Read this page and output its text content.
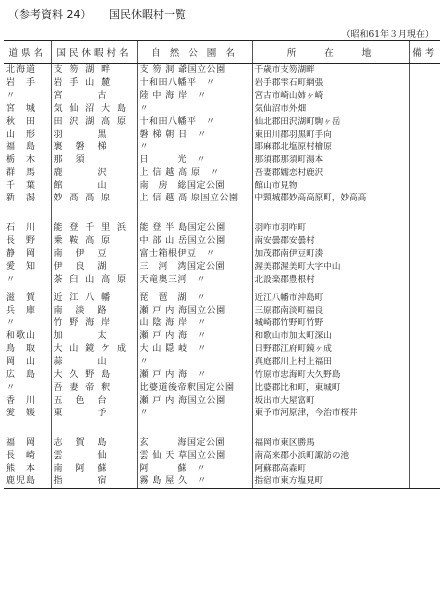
（参考資料 24） 国民休暇村一覧
（昭和61年３月現在）
道県名	国民休暇村名	自 然 公 園 名	所　　在　　地	備考
北海道	支 笏 湖 畔	支 笏 洞 爺国立公園	千歳市支笏湖畔	
岩　手	岩 手 山 麓	十和田八幡平　〃	岩手郡雫石町網張	
〃	宮　　　古	陸 中 海 岸　〃	宮古市崎山姉ヶ崎	
宮　城	気 仙 沼 大 島	〃	気仙沼市外畑	
秋　田	田 沢 湖 高 原	十和田八幡平　〃	仙北郡田沢湖町駒ヶ岳	
山　形	羽　　　黒	磐 梯 朝 日　〃	東田川郡羽黒町手向	
福　島	裏　磐　梯	〃	耶麻郡北塩原村檜原	
栃　木	那　須	日　　　光　〃	那須郡那須町湯本	
群　馬	鹿　　　沢	上 信 越 高 原　〃	吾妻郡嬬恋村鹿沢	
千　葉	館　　　山	南　房　総国定公園	館山市見物	
新　潟	妙 高 高 原	上 信 越 高 原国立公園	中頸城郡妙高高原町，妙高高	
石　川	能 登 千 里 浜	能 登 半 島国定公園	羽咋市羽咋町	
長　野	乗 鞍 高 原	中 部 山 岳国立公園	南安曇郡安曇村	
静　岡	南　伊　豆	富士箱根伊豆　〃	加茂郡南伊豆町湊	
愛　知	伊　良　湖	三　河　湾国定公園	渥美郡渥美町大字中山	
〃	茶 臼 山 高 原	天竜奥三河　〃	北設楽郡豊根村	
滋　賀	近 江 八 幡	琵　琶　湖　〃	近江八幡市沖島町	
兵　庫	南　淡　路	瀬 戸 内 海国立公園	三原郡南淡町福良	
〃	竹 野 海 岸	山 陰 海 岸　〃	城崎郡竹野町竹野	
和歌山	加　　　太	瀬 戸 内 海　〃	和歌山市加太町深山	
鳥　取	大 山 鏡 ケ 成	大 山 隠 岐　〃	日野郡江府町鏡ヶ成	
岡　山	蒜　　　山	〃	真庭郡川上村上福田	
広　島	大 久 野 島	瀬 戸 内 海　〃	竹原市忠海町大久野島	
〃	吾 妻 帝 釈	比婆道後帝釈国定公園	比婆郡比和町，東城町	
香　川	五　色　台	瀬 戸 内 海国立公園	坂出市大屋富町	
愛　媛	東　　　予	〃	東予市河原津，今治市桜井	
福　岡	志　賀　島	玄　　　海国定公園	福岡市東区勝馬	
長　崎	雲　　　仙	雲 仙 天 草国立公園	南高来郡小浜町諏訪の池	
熊　本	南　阿　蘇	阿　　　蘇　〃	阿蘇郡高森町	
鹿児島	指　　　宿	霧 島 屋 久　〃	指宿市東方塩見町	
